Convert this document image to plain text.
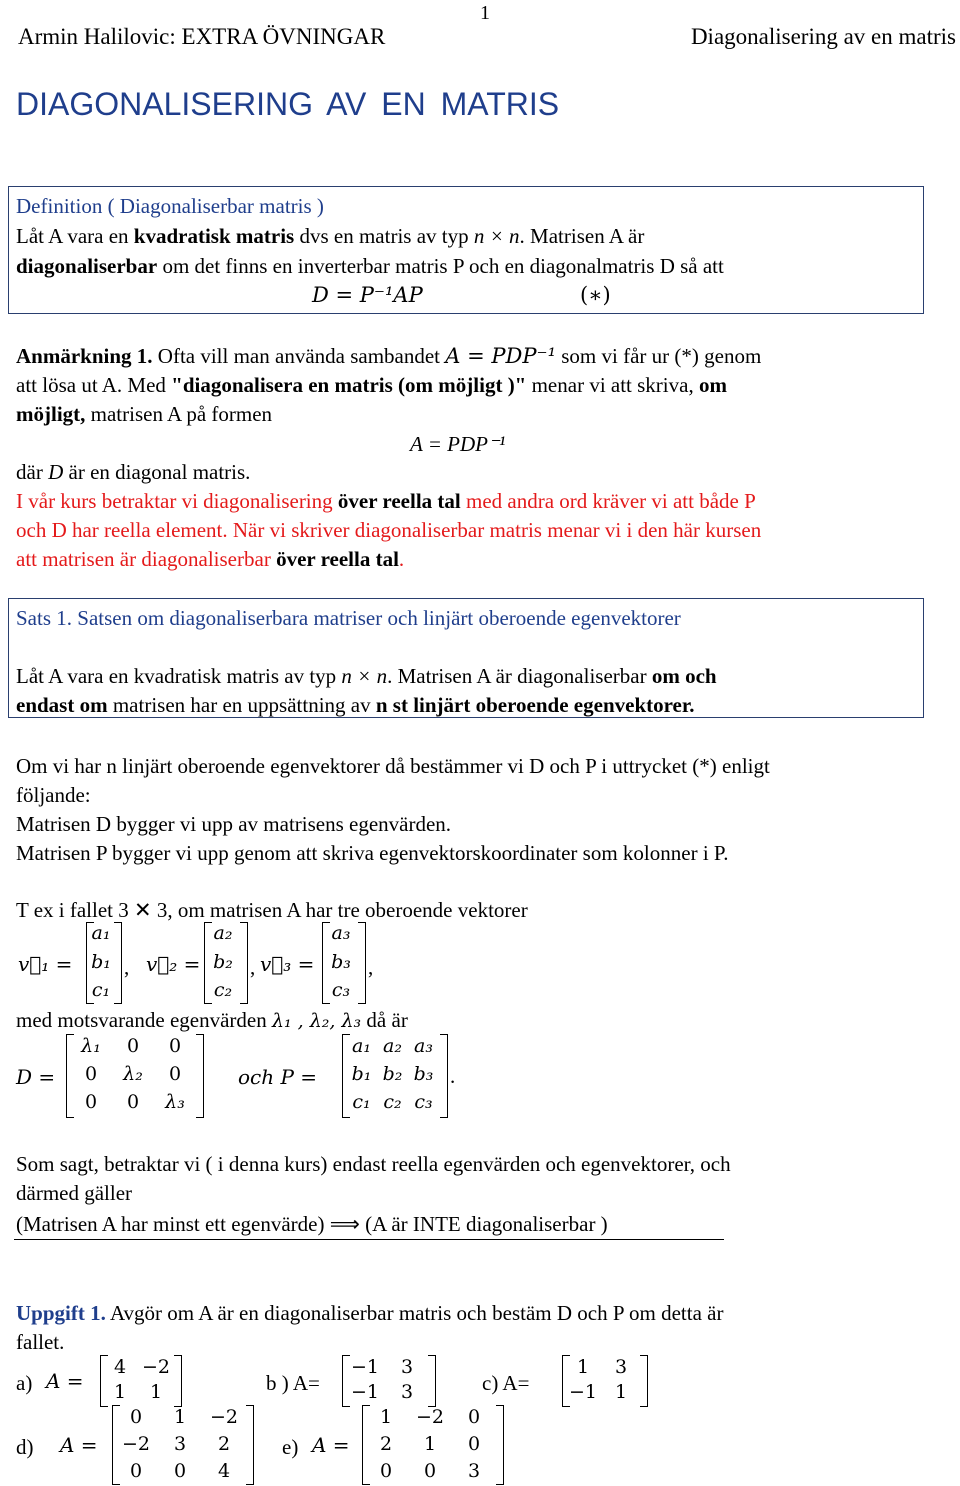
1
Armin Halilovic: EXTRA ÖVNINGAR	Diagonalisering av en matris
DIAGONALISERING AV EN MATRIS
Definition ( Diagonaliserbar matris )
Låt A vara en kvadratisk matris dvs en matris av typ n × n. Matrisen A är
diagonaliserbar om det finns en inverterbar matris P och en diagonalmatris D så att
D = P⁻¹AP	(∗)
Anmärkning 1. Ofta vill man använda sambandet A = PDP⁻¹ som vi får ur (*) genom
att lösa ut A. Med "diagonalisera en matris (om möjligt )" menar vi att skriva, om
möjligt, matrisen A på formen
A = PDP⁻¹
där D är en diagonal matris.
I vår kurs betraktar vi diagonalisering över reella tal med andra ord kräver vi att både P
och D har reella element. När vi skriver diagonaliserbar matris menar vi i den här kursen
att matrisen är diagonaliserbar över reella tal.
Sats 1. Satsen om diagonaliserbara matriser och linjärt oberoende egenvektorer
Låt A vara en kvadratisk matris av typ n × n. Matrisen A är diagonaliserbar om och
endast om matrisen har en uppsättning av n st linjärt oberoende egenvektorer.
Om vi har n linjärt oberoende egenvektorer då bestämmer vi D och P i uttrycket (*) enligt
följande:
Matrisen D bygger vi upp av matrisens egenvärden.
Matrisen P bygger vi upp genom att skriva egenvektorskoordinater som kolonner i P.
T ex i fallet 3 ✕ 3, om matrisen A har tre oberoende vektorer
v⃗₁ =
a₁
b₁
c₁
, v⃗₂ =
a₂
b₂
c₂
, v⃗₃ =
a₃
b₃
c₃
,
med motsvarande egenvärden λ₁ , λ₂, λ₃ då är
D =
λ₁	0	0
0	λ₂	0
0	0	λ₃
och P =
a₁ a₂ a₃
b₁ b₂ b₃
c₁ c₂ c₃
.
Som sagt, betraktar vi ( i denna kurs) endast reella egenvärden och egenvektorer, och
därmed gäller
(Matrisen A har minst ett egenvärde) ⟹ (A är INTE diagonaliserbar )
Uppgift 1. Avgör om A är en diagonaliserbar matris och bestäm D och P om detta är
fallet.
a) A =	b ) A=	c) A=
d) A =	e) A =
4 −2
1	1
−1	3
−1	3
1	3
−1 1
0	1	−2
−2	3	2
0	0	4
1	−2	0
2	1	0
0	0	3
